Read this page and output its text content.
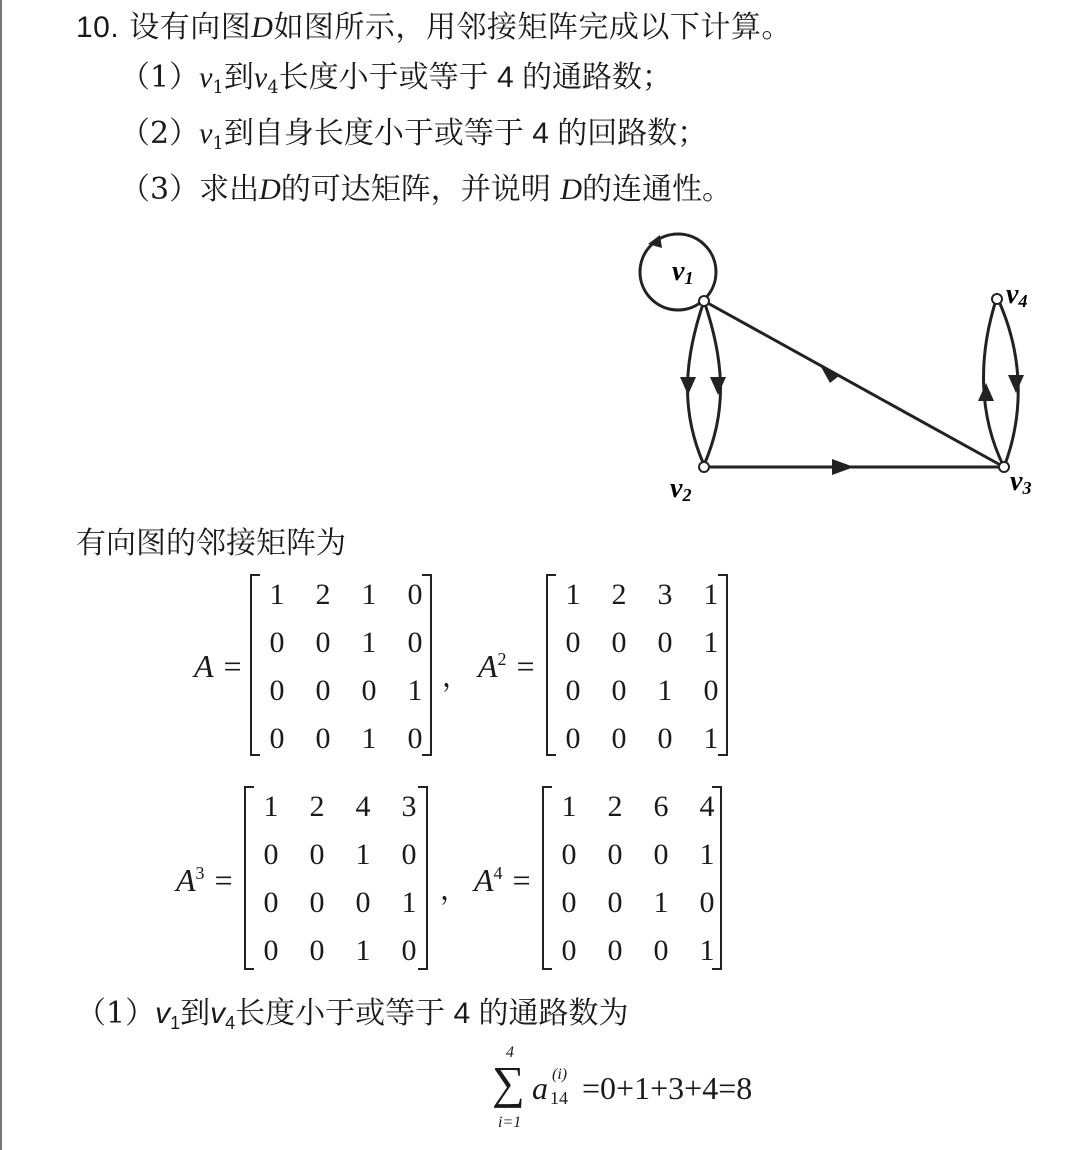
10. 设有向图D如图所示，用邻接矩阵完成以下计算。
$(1)v_1$到$v_4$长度小于或等于 4 的通路数；
$(2)v_1$到自身长度小于或等于 4 的回路数；
（3）求出D的可达矩阵，并说明 D的连通性。
v1
v2	v3
v4
有向图的邻接矩阵为
A =
1	2	1	0
0	0	1	0
0	0	0	1
0	0	1	0
， $A^2$ =
1	2	3	1
0	0	0	1
0	0	1	0
0	0	0	1
$A^3$ =
1	2	4	3
0	0	1	0
0	0	0	1
0	0	1	0
， $A^4$ =
1	2	6	4
0	0	0	1
0	0	1	0
0	0	0	1
$(1)v_1$到$v_4$长度小于或等于 4 的通路数为
4
∑
i=1
a (i)
14 =0+1+3+4=8
